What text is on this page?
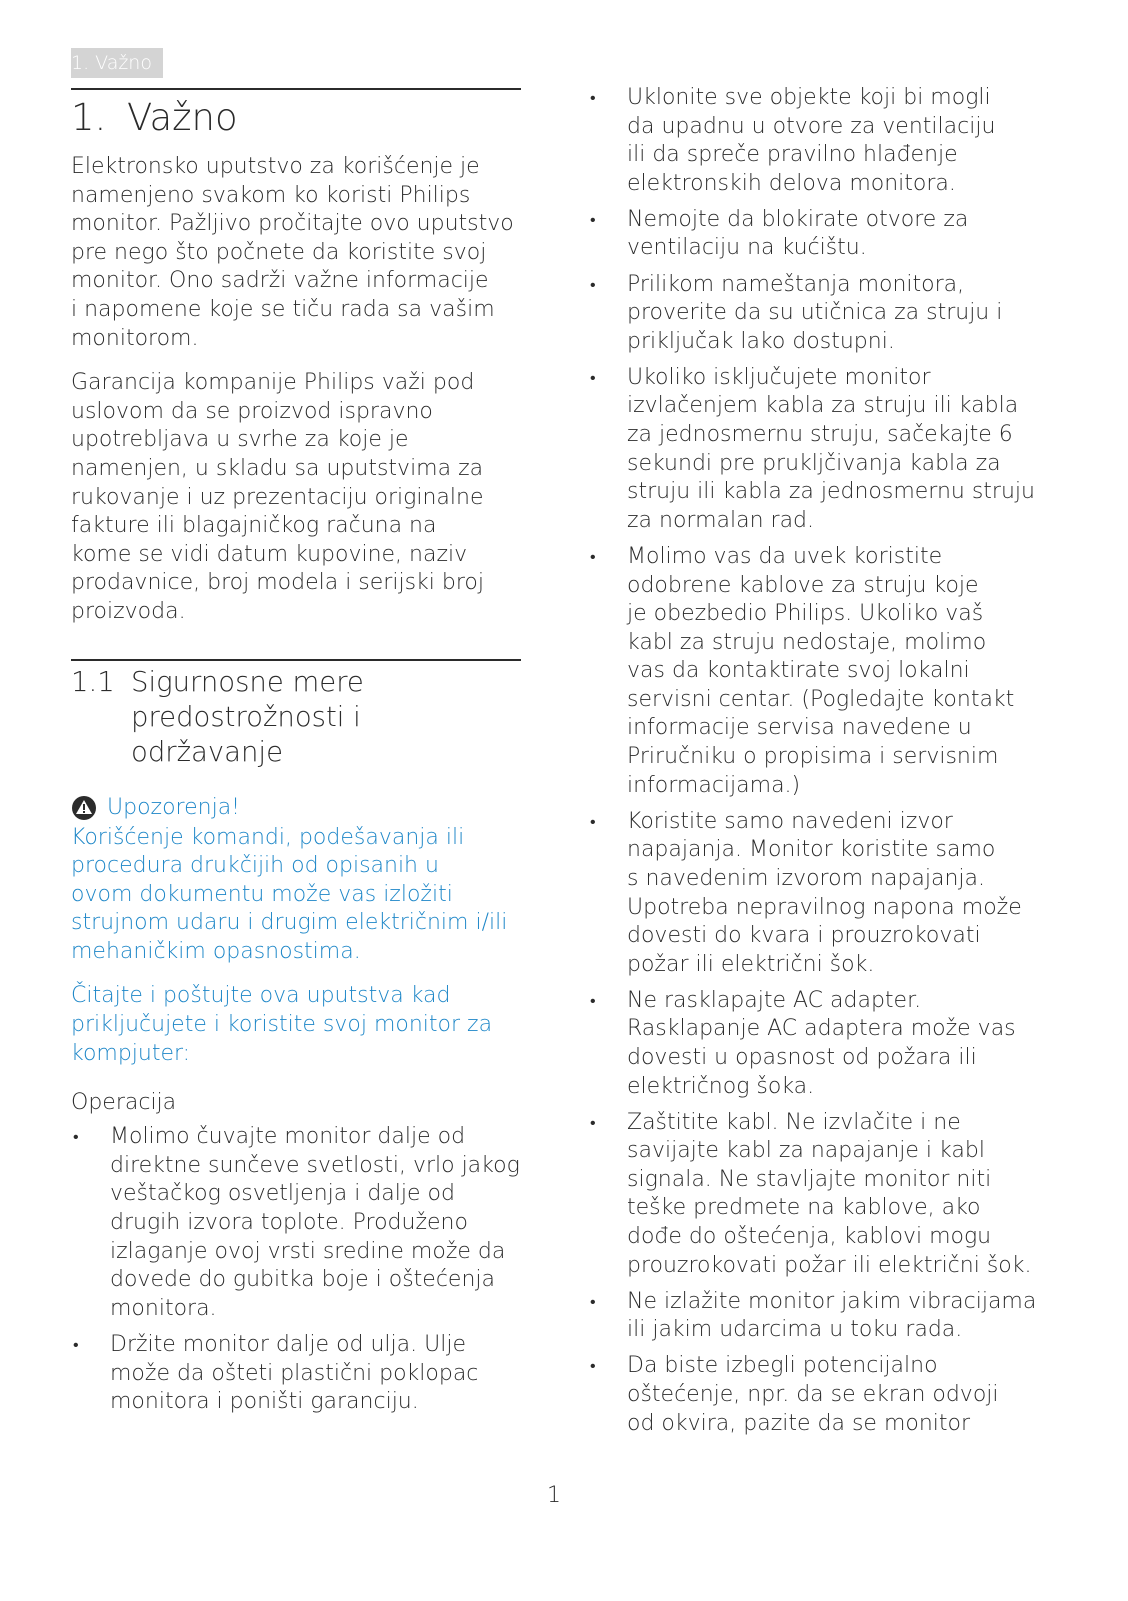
1. Važno
1. Važno

Elektronsko uputstvo za korišćenje je
namenjeno svakom ko koristi Philips
monitor. Pažljivo pročitajte ovo uputstvo
pre nego što počnete da koristite svoj
monitor. Ono sadrži važne informacije
i napomene koje se tiču rada sa vašim
monitorom.

Garancija kompanije Philips važi pod
uslovom da se proizvod ispravno
upotrebljava u svrhe za koje je
namenjen, u skladu sa uputstvima za
rukovanje i uz prezentaciju originalne
fakture ili blagajničkog računa na
kome se vidi datum kupovine, naziv
prodavnice, broj modela i serijski broj
proizvoda.

1.1 Sigurnosne mere
predostrožnosti i
održavanje
Upozorenja!

Korišćenje komandi, podešavanja ili
procedura drukčijih od opisanih u
ovom dokumentu može vas izložiti
strujnom udaru i drugim električnim i/ili
mehaničkim opasnostima.

Čitajte i poštujte ova uputstva kad
priključujete i koristite svoj monitor za
kompjuter:

Operacija
•	Molimo čuvajte monitor dalje od
direktne sunčeve svetlosti, vrlo jakog
veštačkog osvetljenja i dalje od
drugih izvora toplote. Produženo
izlaganje ovoj vrsti sredine može da
dovede do gubitka boje i oštećenja
monitora.
•	Držite monitor dalje od ulja. Ulje
može da ošteti plastični poklopac
monitora i poništi garanciju.
•	Uklonite sve objekte koji bi mogli
da upadnu u otvore za ventilaciju
ili da spreče pravilno hlađenje
elektronskih delova monitora.
•	Nemojte da blokirate otvore za
ventilaciju na kućištu.
•	Prilikom nameštanja monitora,
proverite da su utičnica za struju i
priključak lako dostupni.
•	Ukoliko isključujete monitor
izvlačenjem kabla za struju ili kabla
za jednosmernu struju, sačekajte 6
sekundi pre prukljčivanja kabla za
struju ili kabla za jednosmernu struju
za normalan rad.
•	Molimo vas da uvek koristite
odobrene kablove za struju koje
je obezbedio Philips. Ukoliko vaš
kabl za struju nedostaje, molimo
vas da kontaktirate svoj lokalni
servisni centar. (Pogledajte kontakt
informacije servisa navedene u
Priručniku o propisima i servisnim
informacijama.)
•	Koristite samo navedeni izvor
napajanja. Monitor koristite samo
s navedenim izvorom napajanja.
Upotreba nepravilnog napona može
dovesti do kvara i prouzrokovati
požar ili električni šok.
•	Ne rasklapajte AC adapter.
Rasklapanje AC adaptera može vas
dovesti u opasnost od požara ili
električnog šoka.
•	Zaštitite kabl. Ne izvlačite i ne
savijajte kabl za napajanje i kabl
signala. Ne stavljajte monitor niti
teške predmete na kablove, ako
dođe do oštećenja, kablovi mogu
prouzrokovati požar ili električni šok.
•	Ne izlažite monitor jakim vibracijama
ili jakim udarcima u toku rada.
•	Da biste izbegli potencijalno
oštećenje, npr. da se ekran odvoji
od okvira, pazite da se monitor
1
